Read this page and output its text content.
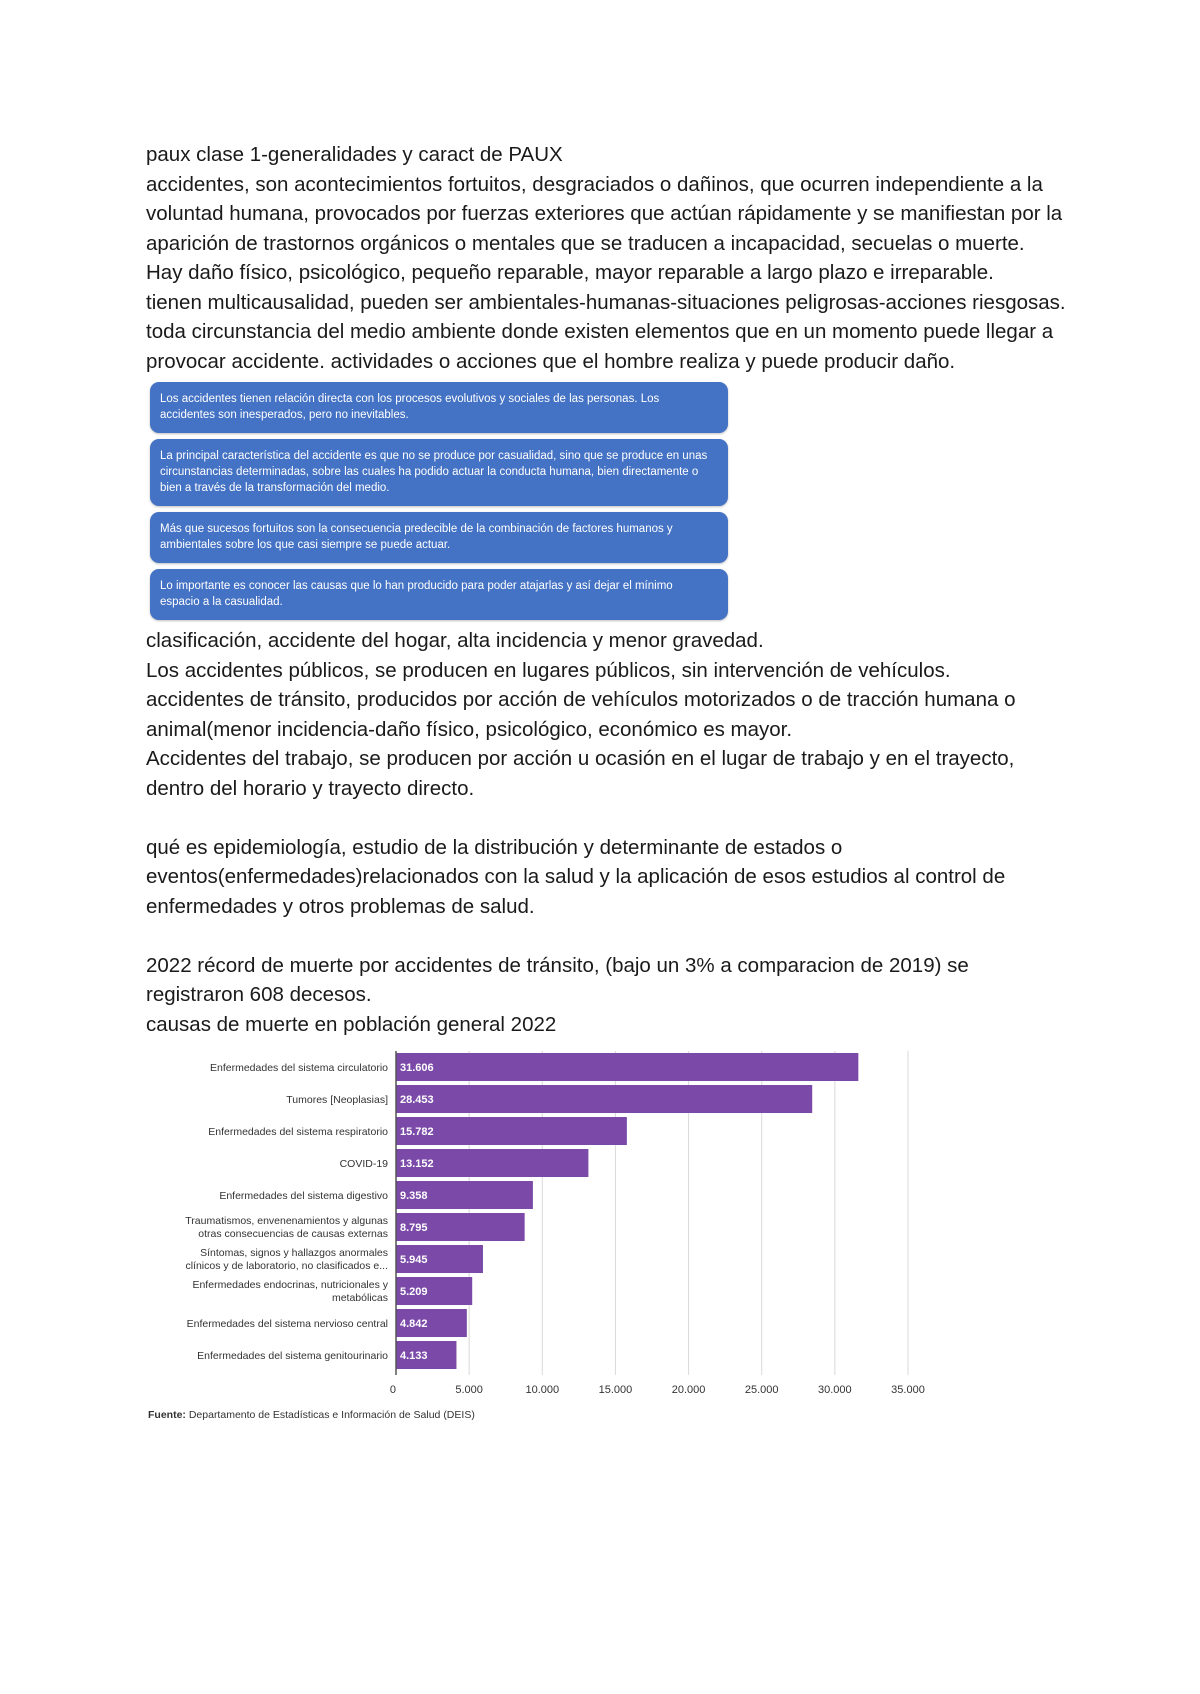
paux clase 1-generalidades y caract de PAUX

accidentes, son acontecimientos fortuitos, desgraciados o dañinos, que ocurren independiente a la voluntad humana, provocados por fuerzas exteriores que actúan rápidamente y se manifiestan por la aparición de trastornos orgánicos o mentales que se traducen a incapacidad, secuelas o muerte.

Hay daño físico, psicológico, pequeño reparable, mayor reparable a largo plazo e irreparable.

tienen multicausalidad, pueden ser ambientales-humanas-situaciones peligrosas-acciones riesgosas. toda circunstancia del medio ambiente donde existen elementos que en un momento puede llegar a provocar accidente. actividades o acciones que el hombre realiza y puede producir daño.

Los accidentes tienen relación directa con los procesos evolutivos y sociales de las personas. Los accidentes son inesperados, pero no inevitables.
La principal característica del accidente es que no se produce por casualidad, sino que se produce en unas circunstancias determinadas, sobre las cuales ha podido actuar la conducta humana, bien directamente o bien a través de la transformación del medio.
Más que sucesos fortuitos son la consecuencia predecible de la combinación de factores humanos y ambientales sobre los que casi siempre se puede actuar.
Lo importante es conocer las causas que lo han producido para poder atajarlas y así dejar el mínimo espacio a la casualidad.

clasificación, accidente del hogar, alta incidencia y menor gravedad.

Los accidentes públicos, se producen en lugares públicos, sin intervención de vehículos.

accidentes de tránsito, producidos por acción de vehículos motorizados o de tracción humana o animal(menor incidencia-daño físico, psicológico, económico es mayor.

Accidentes del trabajo, se producen por acción u ocasión en el lugar de trabajo y en el trayecto, dentro del horario y trayecto directo.

qué es epidemiología, estudio de la distribución y determinante de estados o eventos(enfermedades)relacionados con la salud y la aplicación de esos estudios al control de enfermedades y otros problemas de salud.

2022 récord de muerte por accidentes de tránsito, (bajo un 3% a comparacion de 2019) se registraron 608 decesos.

causas de muerte en población general 2022

31.606
Enfermedades del sistema circulatorio
28.453
Tumores [Neoplasias]
15.782
Enfermedades del sistema respiratorio
13.152
COVID-19
9.358
Enfermedades del sistema digestivo
8.795
Traumatismos, envenenamientos y algunas
otras consecuencias de causas externas
5.945
Síntomas, signos y hallazgos anormales
clínicos y de laboratorio, no clasificados e...
5.209
Enfermedades endocrinas, nutricionales y
metabólicas
4.842
Enfermedades del sistema nervioso central
4.133
Enfermedades del sistema genitourinario
0	5.000	10.000	15.000	20.000	25.000	30.000	35.000
Fuente: Departamento de Estadísticas e Información de Salud (DEIS)
